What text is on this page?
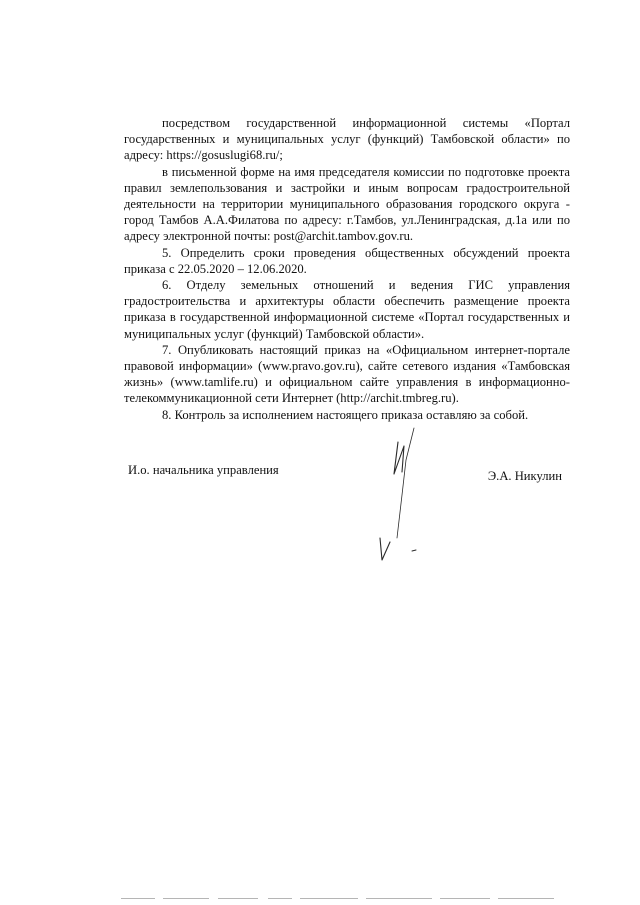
посредством государственной информационной системы «Портал государственных и муниципальных услуг (функций) Тамбовской области» по адресу: https://gosuslugi68.ru/;

в письменной форме на имя председателя комиссии по подготовке проекта правил землепользования и застройки и иным вопросам градостроительной деятельности на территории муниципального образования городского округа - город Тамбов А.А.Филатова по адресу: г.Тамбов, ул.Ленинградская, д.1а или по адресу электронной почты: post@archit.tambov.gov.ru.

5. Определить сроки проведения общественных обсуждений проекта приказа с 22.05.2020 – 12.06.2020.

6. Отделу земельных отношений и ведения ГИС управления градостроительства и архитектуры области обеспечить размещение проекта приказа в государственной информационной системе «Портал государственных и муниципальных услуг (функций) Тамбовской области».

7. Опубликовать настоящий приказ на «Официальном интернет-портале правовой информации» (www.pravo.gov.ru), сайте сетевого издания «Тамбовская жизнь» (www.tamlife.ru) и официальном сайте управления в информационно-телекоммуникационной сети Интернет (http://archit.tmbreg.ru).

8. Контроль за исполнением настоящего приказа оставляю за собой.

И.о. начальника управления	Э.А. Никулин
